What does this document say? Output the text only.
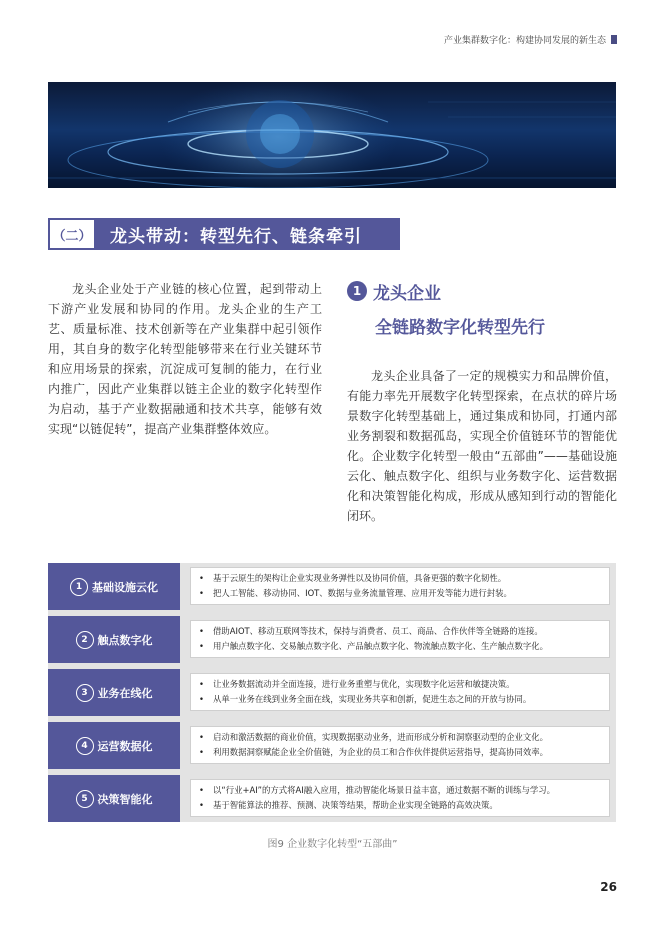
产业集群数字化：构建协同发展的新生态
（二）	龙头带动：转型先行、链条牵引

龙头企业处于产业链的核心位置，起到带动上下游产业发展和协同的作用。龙头企业的生产工艺、质量标准、技术创新等在产业集群中起引领作用，其自身的数字化转型能够带来在行业关键环节和应用场景的探索，沉淀成可复制的能力，在行业内推广，因此产业集群以链主企业的数字化转型作为启动，基于产业数据融通和技术共享，能够有效实现“以链促转”，提高产业集群整体效应。

1 龙头企业
全链路数字化转型先行

龙头企业具备了一定的规模实力和品牌价值，有能力率先开展数字化转型探索，在点状的碎片场景数字化转型基础上，通过集成和协同，打通内部业务割裂和数据孤岛，实现全价值链环节的智能优化。企业数字化转型一般由“五部曲”——基础设施云化、触点数字化、组织与业务数字化、运营数据化和决策智能化构成，形成从感知到行动的智能化闭环。

1 基础设施云化
• 基于云原生的架构让企业实现业务弹性以及协同价值，具备更强的数字化韧性。
• 把人工智能、移动协同、IOT、数据与业务流量管理、应用开发等能力进行封装。
2 触点数字化
• 借助AIOT、移动互联网等技术，保持与消费者、员工、商品、合作伙伴等全链路的连接。
• 用户触点数字化、交易触点数字化、产品触点数字化、物流触点数字化、生产触点数字化。
3 业务在线化
• 让业务数据流动并全面连接，进行业务重塑与优化，实现数字化运营和敏捷决策。
• 从单一业务在线到业务全面在线，实现业务共享和创新，促进生态之间的开放与协同。
4 运营数据化
• 启动和激活数据的商业价值，实现数据驱动业务，进而形成分析和洞察驱动型的企业文化。
• 利用数据洞察赋能企业全价值链，为企业的员工和合作伙伴提供运营指导，提高协同效率。
5 决策智能化
• 以“行业+AI”的方式将AI融入应用，推动智能化场景日益丰富，通过数据不断的训练与学习。
• 基于智能算法的推荐、预测、决策等结果，帮助企业实现全链路的高效决策。
图9 企业数字化转型“五部曲”
26
